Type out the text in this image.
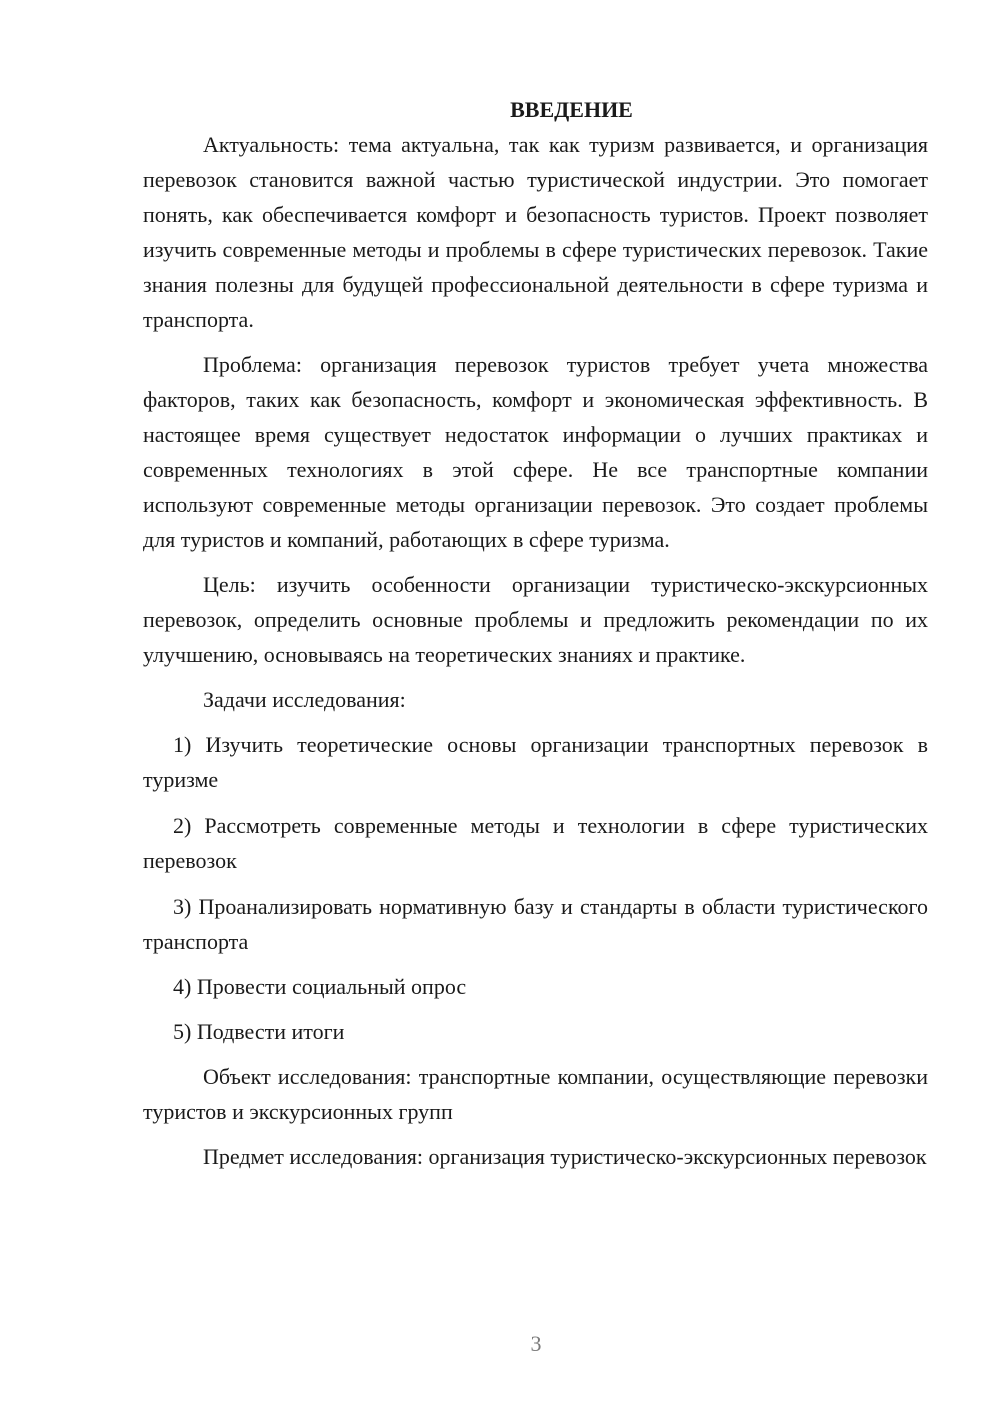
ВВЕДЕНИЕ

Актуальность: тема актуальна, так как туризм развивается, и организация перевозок становится важной частью туристической индустрии. Это помогает понять, как обеспечивается комфорт и безопасность туристов. Проект позволяет изучить современные методы и проблемы в сфере туристических перевозок. Такие знания полезны для будущей профессиональной деятельности в сфере туризма и транспорта.

Проблема: организация перевозок туристов требует учета множества факторов, таких как безопасность, комфорт и экономическая эффективность. В настоящее время существует недостаток информации о лучших практиках и современных технологиях в этой сфере. Не все транспортные компании используют современные методы организации перевозок. Это создает проблемы для туристов и компаний, работающих в сфере туризма.

Цель: изучить особенности организации туристическо-экскурсионных перевозок, определить основные проблемы и предложить рекомендации по их улучшению, основываясь на теоретических знаниях и практике.

Задачи исследования:

1) Изучить теоретические основы организации транспортных перевозок в туризме

2) Рассмотреть современные методы и технологии в сфере туристических перевозок

3) Проанализировать нормативную базу и стандарты в области туристического транспорта

4) Провести социальный опрос

5) Подвести итоги

Объект исследования: транспортные компании, осуществляющие перевозки туристов и экскурсионных групп

Предмет исследования: организация туристическо-экскурсионных перевозок

3
